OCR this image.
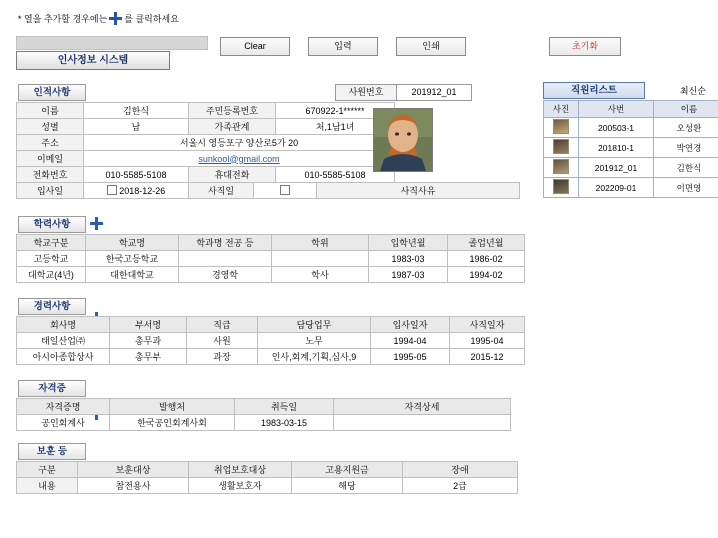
* 열을 추가할 경우에는 를 클릭하세요
Clear	입력	인쇄	초기화
인사정보 시스템
인적사항	사원번호	201912_01
이름	김한식	주민등록번호	670922-1******
성별	남	가족관계	처,1남1녀
주소	서울시 영등포구 양산로5가 20		
이메일	sunkool@gmail.com		
전화번호	010-5585-5108	휴대전화	010-5585-5108
입사일	2018-12-26	사직일		사직사유
학력사항
학교구분	학교명	학과명 전공 등	학위	입학년월	졸업년월
고등학교	한국고등학교			1983-03	1986-02
대학교(4년)	대한대학교	경영학	학사	1987-03	1994-02
경력사항
회사명	부서명	직급	담당업무	입사일자	사직일자
태일산업㈜	총무과	사원	노무	1994-04	1995-04
아시아종합상사	총무부	과장	인사,회계,기획,심사,9	1995-05	2015-12
자격증
자격증명	발행처	취득일	자격상세
공인회계사	한국공인회계사회	1983-03-15	
보훈 등
구분	보훈대상	취업보호대상	고용지원금	장애
내용	참전용사	생활보호자	해당	2급
직원리스트	최신순
사진	사번	이름
	200503-1	오성환
	201810-1	박연경
	201912_01	김한식
	202209-01	이면영
